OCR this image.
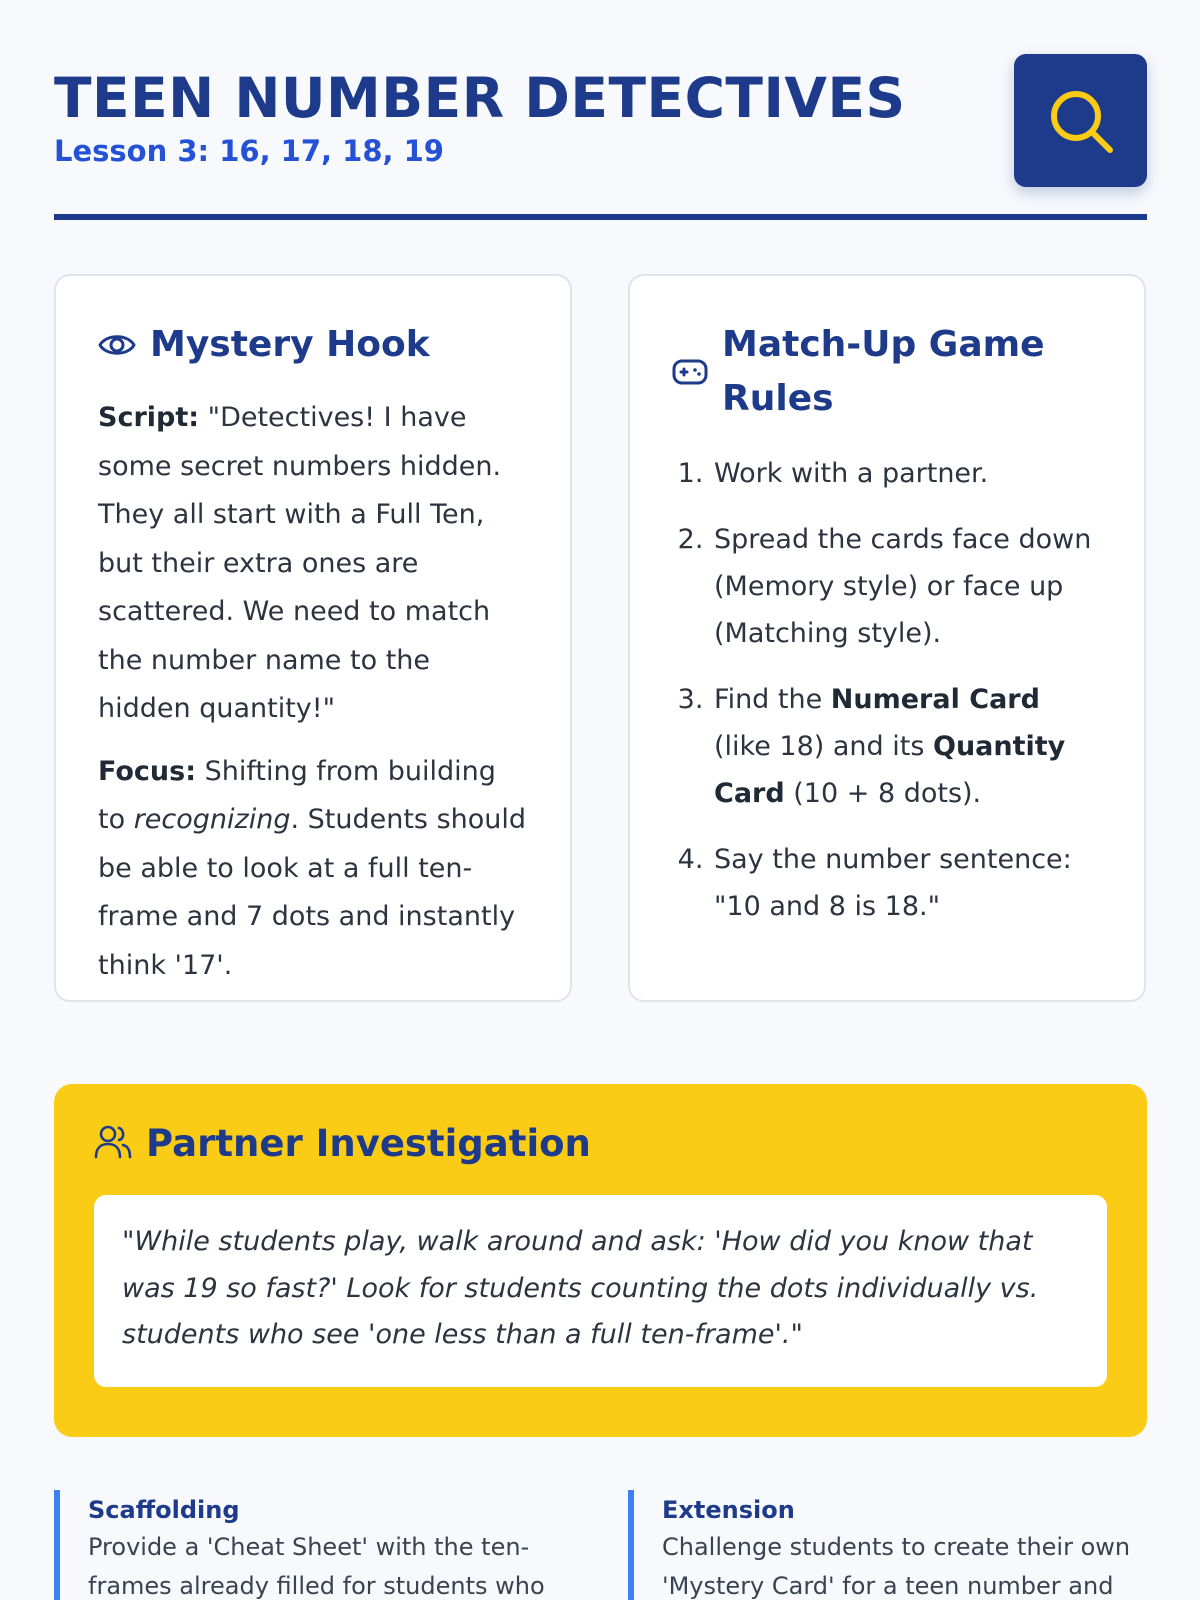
TEEN NUMBER DETECTIVES
Lesson 3: 16, 17, 18, 19
Mystery Hook

Script: "Detectives! I have some secret numbers hidden. They all start with a Full Ten, but their extra ones are scattered. We need to match the number name to the hidden quantity!"

Focus: Shifting from building to recognizing. Students should be able to look at a full ten-frame and 7 dots and instantly think '17'.

Match-Up Game Rules
1. Work with a partner.
2. Spread the cards face down (Memory style) or face up (Matching style).
3. Find the Numeral Card (like 18) and its Quantity Card (10 + 8 dots).
4. Say the number sentence: "10 and 8 is 18."
Partner Investigation
"While students play, walk around and ask: 'How did you know that was 19 so fast?' Look for students counting the dots individually vs. students who see 'one less than a full ten-frame'."
Scaffolding

Provide a 'Cheat Sheet' with the ten-frames already filled for students who

Extension

Challenge students to create their own 'Mystery Card' for a teen number and
